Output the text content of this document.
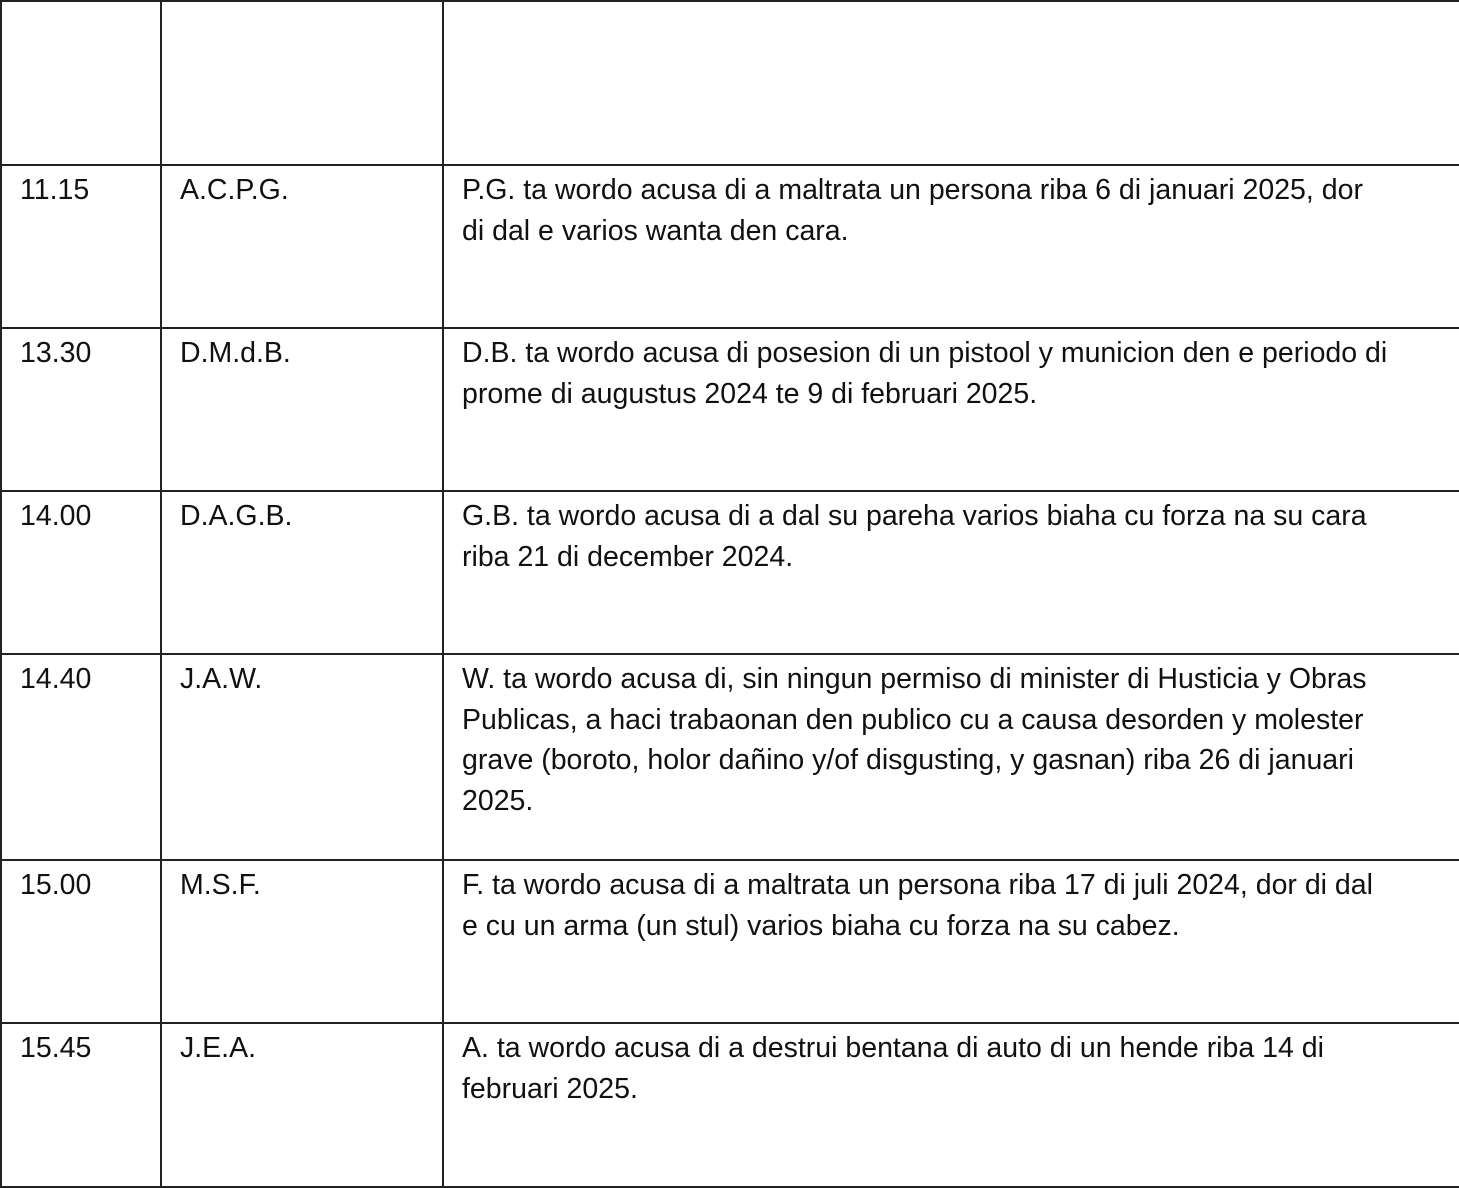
11.15	A.C.P.G.	P.G. ta wordo acusa di a maltrata un persona riba 6 di januari 2025, dor
di dal e varios wanta den cara.

13.30	D.M.d.B.	D.B. ta wordo acusa di posesion di un pistool y municion den e periodo di
prome di augustus 2024 te 9 di februari 2025.

14.00	D.A.G.B.	G.B. ta wordo acusa di a dal su pareha varios biaha cu forza na su cara
riba 21 di december 2024.

14.40	J.A.W.	W. ta wordo acusa di, sin ningun permiso di minister di Husticia y Obras
Publicas, a haci trabaonan den publico cu a causa desorden y molester
grave (boroto, holor dañino y/of disgusting, y gasnan) riba 26 di januari
2025.

15.00	M.S.F.	F. ta wordo acusa di a maltrata un persona riba 17 di juli 2024, dor di dal
e cu un arma (un stul) varios biaha cu forza na su cabez.

15.45	J.E.A.	A. ta wordo acusa di a destrui bentana di auto di un hende riba 14 di
februari 2025.
